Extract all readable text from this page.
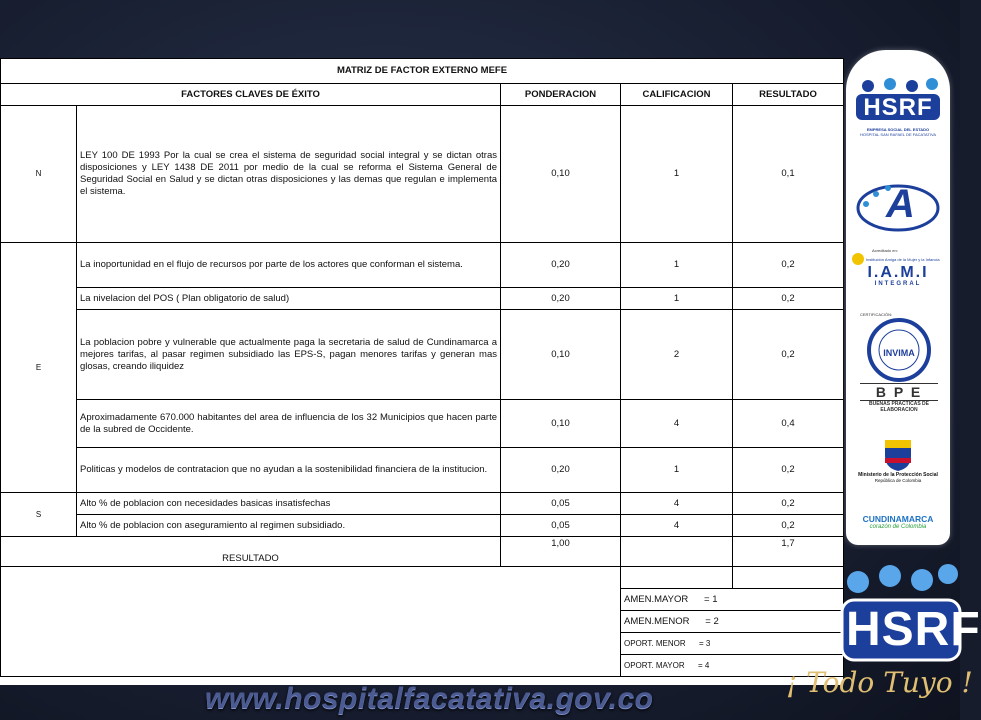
MATRIZ DE FACTOR EXTERNO MEFE				
FACTORES CLAVES DE ÉXITO		PONDERACION	CALIFICACION	RESULTADO
N	LEY 100 DE 1993 Por la cual se crea el sistema de seguridad social integral y se dictan otras disposiciones y LEY 1438 DE 2011 por medio de la cual se reforma el Sistema General de Seguridad Social en Salud y se dictan otras disposiciones y las demas que regulan e implementa el sistema.	0,10	1	0,1
E	La inoportunidad en el flujo de recursos por parte de los actores que conforman el sistema.	0,20	1	0,2
	La nivelacion del POS ( Plan obligatorio de salud)	0,20	1	0,2
	La poblacion pobre y vulnerable que actualmente paga la secretaria de salud de Cundinamarca a mejores tarifas, al pasar regimen subsidiado las EPS-S, pagan menores tarifas y generan mas glosas, creando iliquidez	0,10	2	0,2
	Aproximadamente 670.000 habitantes del area de influencia de los 32 Municipios que hacen parte de la subred de Occidente.	0,10	4	0,4
	Politicas y modelos de contratacion que no ayudan a la sostenibilidad financiera de la institucion.	0,20	1	0,2
S	Alto % de poblacion con necesidades basicas insatisfechas	0,05	4	0,2
	Alto % de poblacion con aseguramiento al regimen subsidiado.	0,05	4	0,2
RESULTADO		1,00		1,7

			AMEN.MAYOR      = 1	
			AMEN.MENOR      = 2	
			OPORT. MENOR      = 3	
			OPORT. MAYOR      = 4	
HSRF
EMPRESA SOCIAL DEL ESTADO
HOSPITAL SAN RAFAEL DE FACATATIVA
A
Acreditado en:
Institución Amiga de la Mujer y la Infancia
I.A.M.I
INTEGRAL
CERTIFICACIÓN:
INVIMA
B P E
BUENAS PRACTICAS DE ELABORACION
Ministerio de la Protección Social
República de Colombia
CUNDINAMARCA
corazón de Colombia
HSRF
www.hospitalfacatativa.gov.co	¡ Todo Tuyo !
